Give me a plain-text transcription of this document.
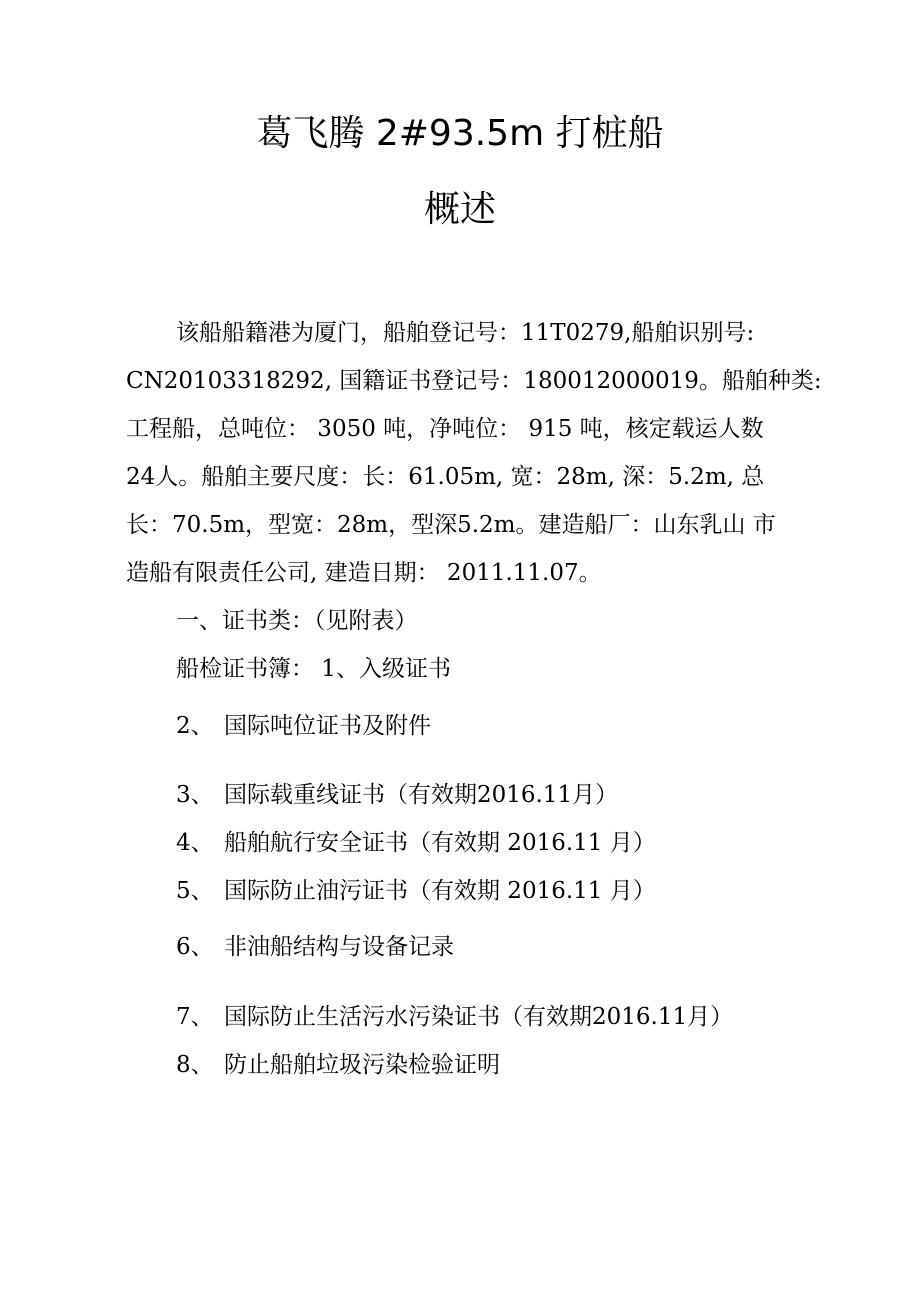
葛飞腾 2#93.5m 打桩船
概述
该船船籍港为厦门，船舶登记号：11T0279,船舶识别号:
CN20103318292, 国籍证书登记号：180012000019。船舶种类:
工程船，总吨位： 3050 吨，净吨位： 915 吨，核定载运人数
24人。船舶主要尺度：长：61.05m, 宽：28m, 深：5.2m, 总
长：70.5m，型宽：28m，型深5.2m。建造船厂：山东乳山 市
造船有限责任公司, 建造日期： 2011.11.07。
一、证书类：（见附表）
船检证书簿： 1、入级证书
2、 国际吨位证书及附件
3、 国际载重线证书（有效期2016.11月）
4、 船舶航行安全证书（有效期 2016.11 月）
5、 国际防止油污证书（有效期 2016.11 月）
6、 非油船结构与设备记录
7、 国际防止生活污水污染证书（有效期2016.11月）
8、 防止船舶垃圾污染检验证明
